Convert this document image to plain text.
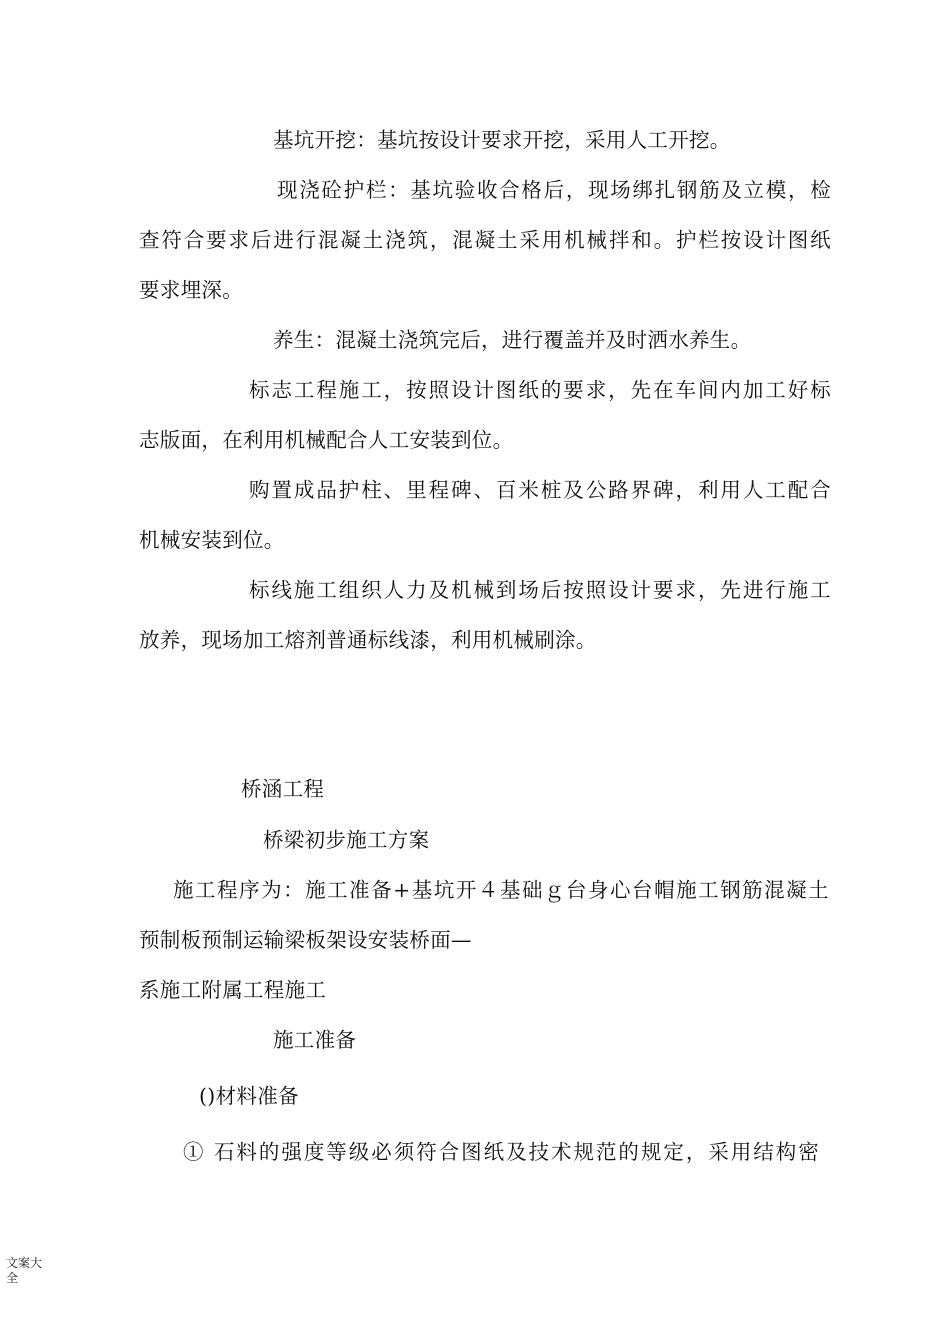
基坑开挖：基坑按设计要求开挖，采用人工开挖。

现浇砼护栏：基坑验收合格后，现场绑扎钢筋及立模，检

查符合要求后进行混凝土浇筑，混凝土采用机械拌和。护栏按设计图纸

要求埋深。

养生：混凝土浇筑完后，进行覆盖并及时洒水养生。

标志工程施工，按照设计图纸的要求，先在车间内加工好标

志版面，在利用机械配合人工安装到位。

购置成品护柱、里程碑、百米桩及公路界碑，利用人工配合

机械安装到位。

标线施工组织人力及机械到场后按照设计要求，先进行施工

放养，现场加工熔剂普通标线漆，利用机械刷涂。

桥涵工程

桥梁初步施工方案

施工程序为：施工准备+基坑开４基础ｇ台身心台帽施工钢筋混凝土

预制板预制运输梁板架设安装桥面—

系施工附属工程施工

施工准备

()材料准备

① 石料的强度等级必须符合图纸及技术规范的规定，采用结构密

文案大全
